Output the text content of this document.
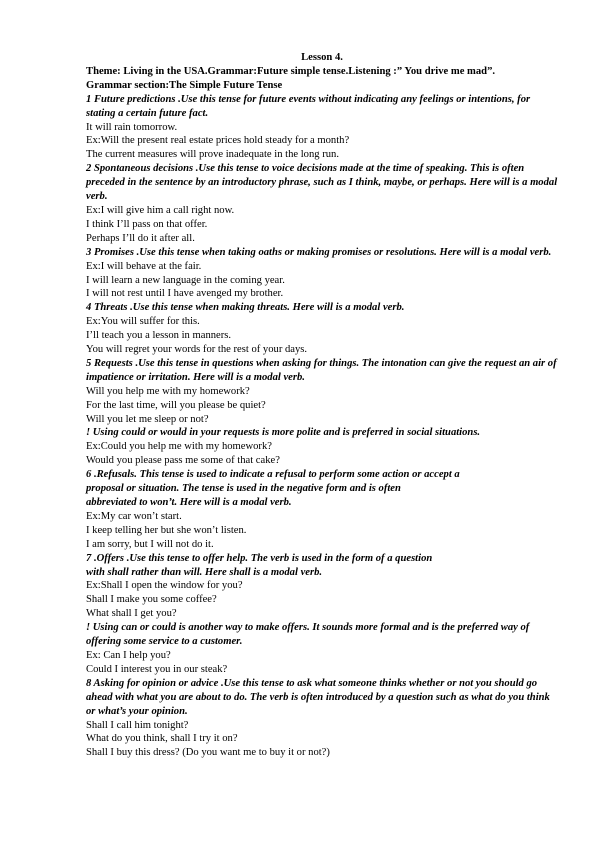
Lesson 4.
Theme: Living in the USA.Grammar:Future simple tense.Listening :” You drive me mad”.
Grammar section:The Simple Future Tense
1 Future predictions .Use this tense for future events without indicating any feelings or intentions, for stating a certain future fact.
It will rain tomorrow.
Ex:Will the present real estate prices hold steady for a month?
The current measures will prove inadequate in the long run.
2 Spontaneous decisions .Use this tense to voice decisions made at the time of speaking. This is often preceded in the sentence by an introductory phrase, such as I think, maybe, or perhaps. Here will is a modal verb.
Ex:I will give him a call right now.
I think I’ll pass on that offer.
Perhaps I’ll do it after all.
3 Promises .Use this tense when taking oaths or making promises or resolutions. Here will is a modal verb.
Ex:I will behave at the fair.
I will learn a new language in the coming year.
I will not rest until I have avenged my brother.
4 Threats .Use this tense when making threats. Here will is a modal verb.
Ex:You will suffer for this.
I’ll teach you a lesson in manners.
You will regret your words for the rest of your days.
5 Requests .Use this tense in questions when asking for things. The intonation can give the request an air of impatience or irritation. Here will is a modal verb.
Will you help me with my homework?
For the last time, will you please be quiet?
Will you let me sleep or not?
! Using could or would in your requests is more polite and is preferred in social situations.
Ex:Could you help me with my homework?
Would you please pass me some of that cake?
6 .Refusals. This tense is used to indicate a refusal to perform some action or accept a
proposal or situation. The tense is used in the negative form and is often
abbreviated to won’t. Here will is a modal verb.
Ex:My car won’t start.
I keep telling her but she won’t listen.
I am sorry, but I will not do it.
7 .Offers .Use this tense to offer help. The verb is used in the form of a question
with shall rather than will. Here shall is a modal verb.
Ex:Shall I open the window for you?
Shall I make you some coffee?
What shall I get you?
! Using can or could is another way to make offers. It sounds more formal and is the preferred way of offering some service to a customer.
Ex: Can I help you?
Could I interest you in our steak?
8 Asking for opinion or advice .Use this tense to ask what someone thinks whether or not you should go ahead with what you are about to do. The verb is often introduced by a question such as what do you think or what’s your opinion.
Shall I call him tonight?
What do you think, shall I try it on?
Shall I buy this dress? (Do you want me to buy it or not?)
